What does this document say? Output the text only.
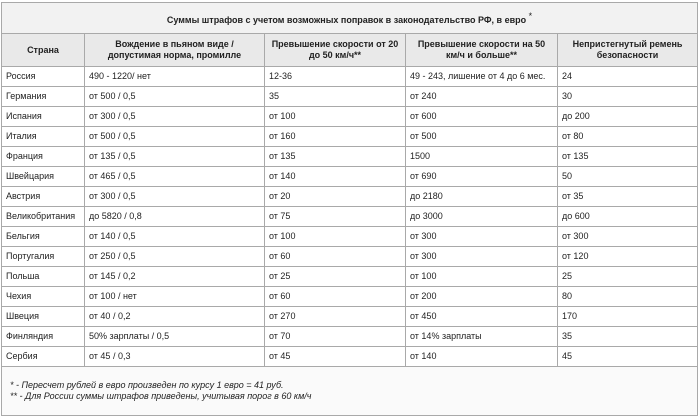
Суммы штрафов с учетом возможных поправок в законодательство РФ, в евро *				
Страна	Вождение в пьяном виде / допустимая норма, промилле	Превышение скорости от 20 до 50 км/ч**	Превышение скорости на 50 км/ч и больше**	Непристегнутый ремень безопасности
Россия	490 - 1220/ нет	12-36	49 - 243, лишение от 4 до 6 мес.	24
Германия	от 500 / 0,5	35	от 240	30
Испания	от 300 / 0,5	от 100	от 600	до 200
Италия	от 500 / 0,5	от 160	от 500	от 80
Франция	от 135 / 0,5	от 135	1500	от 135
Швейцария	от 465 / 0,5	от 140	от 690	50
Австрия	от 300 / 0,5	от 20	до 2180	от 35
Великобритания	до 5820 / 0,8	от 75	до 3000	до 600
Бельгия	от 140 / 0,5	от 100	от 300	от 300
Португалия	от 250 / 0,5	от 60	от 300	от 120
Польша	от 145 / 0,2	от 25	от 100	25
Чехия	от 100 / нет	от 60	от 200	80
Швеция	от 40 / 0,2	от 270	от 450	170
Финляндия	50% зарплаты / 0,5	от 70	от 14% зарплаты	35
Сербия	от 45 / 0,3	от 45	от 140	45

* - Пересчет рублей в евро произведен по курсу 1 евро = 41 руб.
** - Для России суммы штрафов приведены, учитывая порог в 60 км/ч				
